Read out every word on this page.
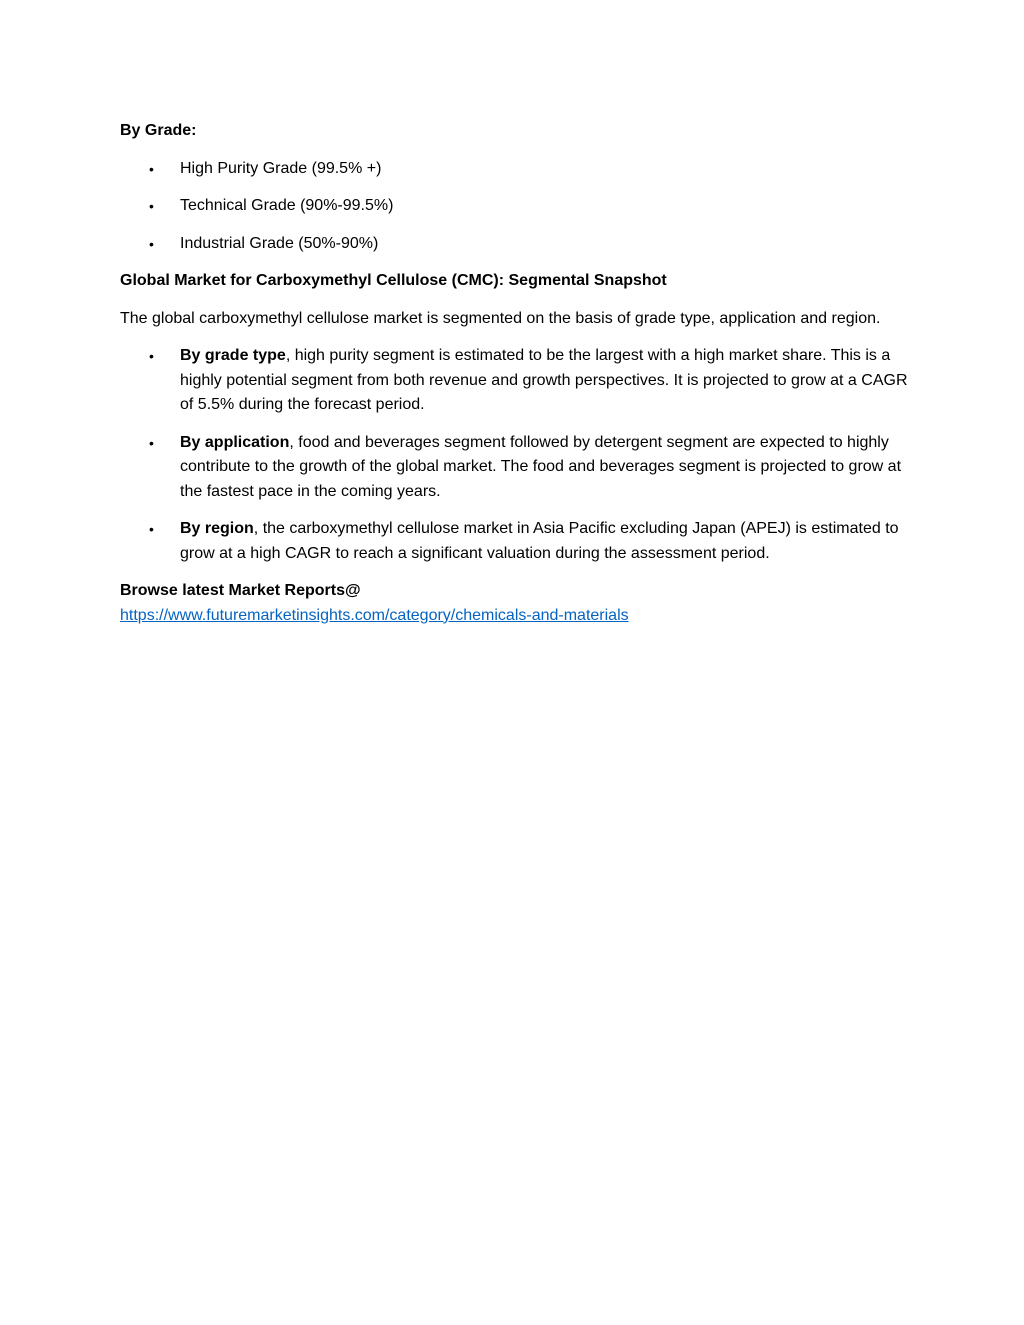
By Grade:

• High Purity Grade (99.5% +)
• Technical Grade (90%-99.5%)
• Industrial Grade (50%-90%)

Global Market for Carboxymethyl Cellulose (CMC): Segmental Snapshot

The global carboxymethyl cellulose market is segmented on the basis of grade type, application and region.

• By grade type, high purity segment is estimated to be the largest with a high market share. This is a highly potential segment from both revenue and growth perspectives. It is projected to grow at a CAGR of 5.5% during the forecast period.
• By application, food and beverages segment followed by detergent segment are expected to highly contribute to the growth of the global market. The food and beverages segment is projected to grow at the fastest pace in the coming years.
• By region, the carboxymethyl cellulose market in Asia Pacific excluding Japan (APEJ) is estimated to grow at a high CAGR to reach a significant valuation during the assessment period.
Browse latest Market Reports@
https://www.futuremarketinsights.com/category/chemicals-and-materials
